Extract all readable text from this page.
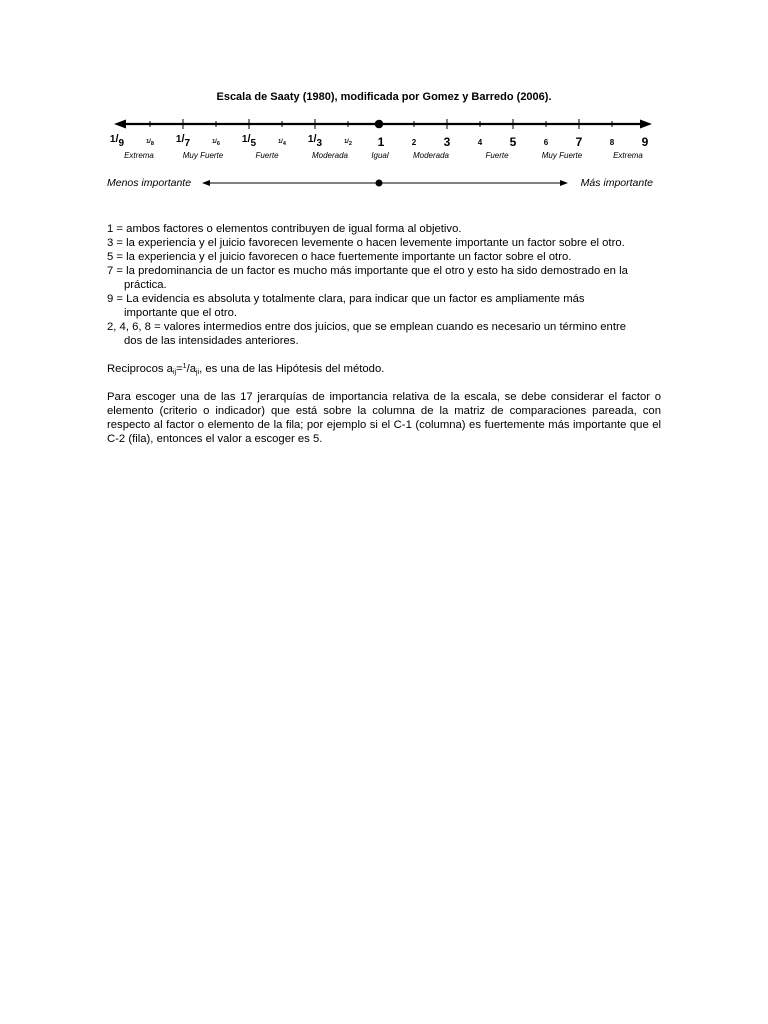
Escala de Saaty (1980), modificada por Gomez y Barredo (2006).
$^1/_9$	1/8 $^1/_7$	1/6 $^1/_5$	1/4 $^1/_3$	1/2 1	2 3	4 5	6 7	8 9
Extrema	Muy Fuerte	Fuerte	Moderada	Igual	Moderada	Fuerte	Muy Fuerte	Extrema
Menos importante	Más importante

1 = ambos factores o elementos contribuyen de igual forma al objetivo.

3 = la experiencia y el juicio favorecen levemente o hacen levemente importante un factor sobre el otro.

5 = la experiencia y el juicio favorecen o hace fuertemente importante un factor sobre el otro.

7 = la predominancia de un factor es mucho más importante que el otro y esto ha sido demostrado en la

práctica.

9 = La evidencia es absoluta y totalmente clara, para indicar que un factor es ampliamente más

importante que el otro.

2, 4, 6, 8 = valores intermedios entre dos juicios, que se emplean cuando es necesario un término entre

dos de las intensidades anteriores.

Reciprocos $a_{ij}=^1/a_{ji}$, es una de las Hipótesis del método.

Para escoger una de las 17 jerarquías de importancia relativa de la escala, se debe considerar el factor o elemento (criterio o indicador) que está sobre la columna de la matriz de comparaciones pareada, con respecto al factor o elemento de la fila; por ejemplo si el C-1 (columna) es fuertemente más importante que el C-2 (fila), entonces el valor a escoger es 5.
